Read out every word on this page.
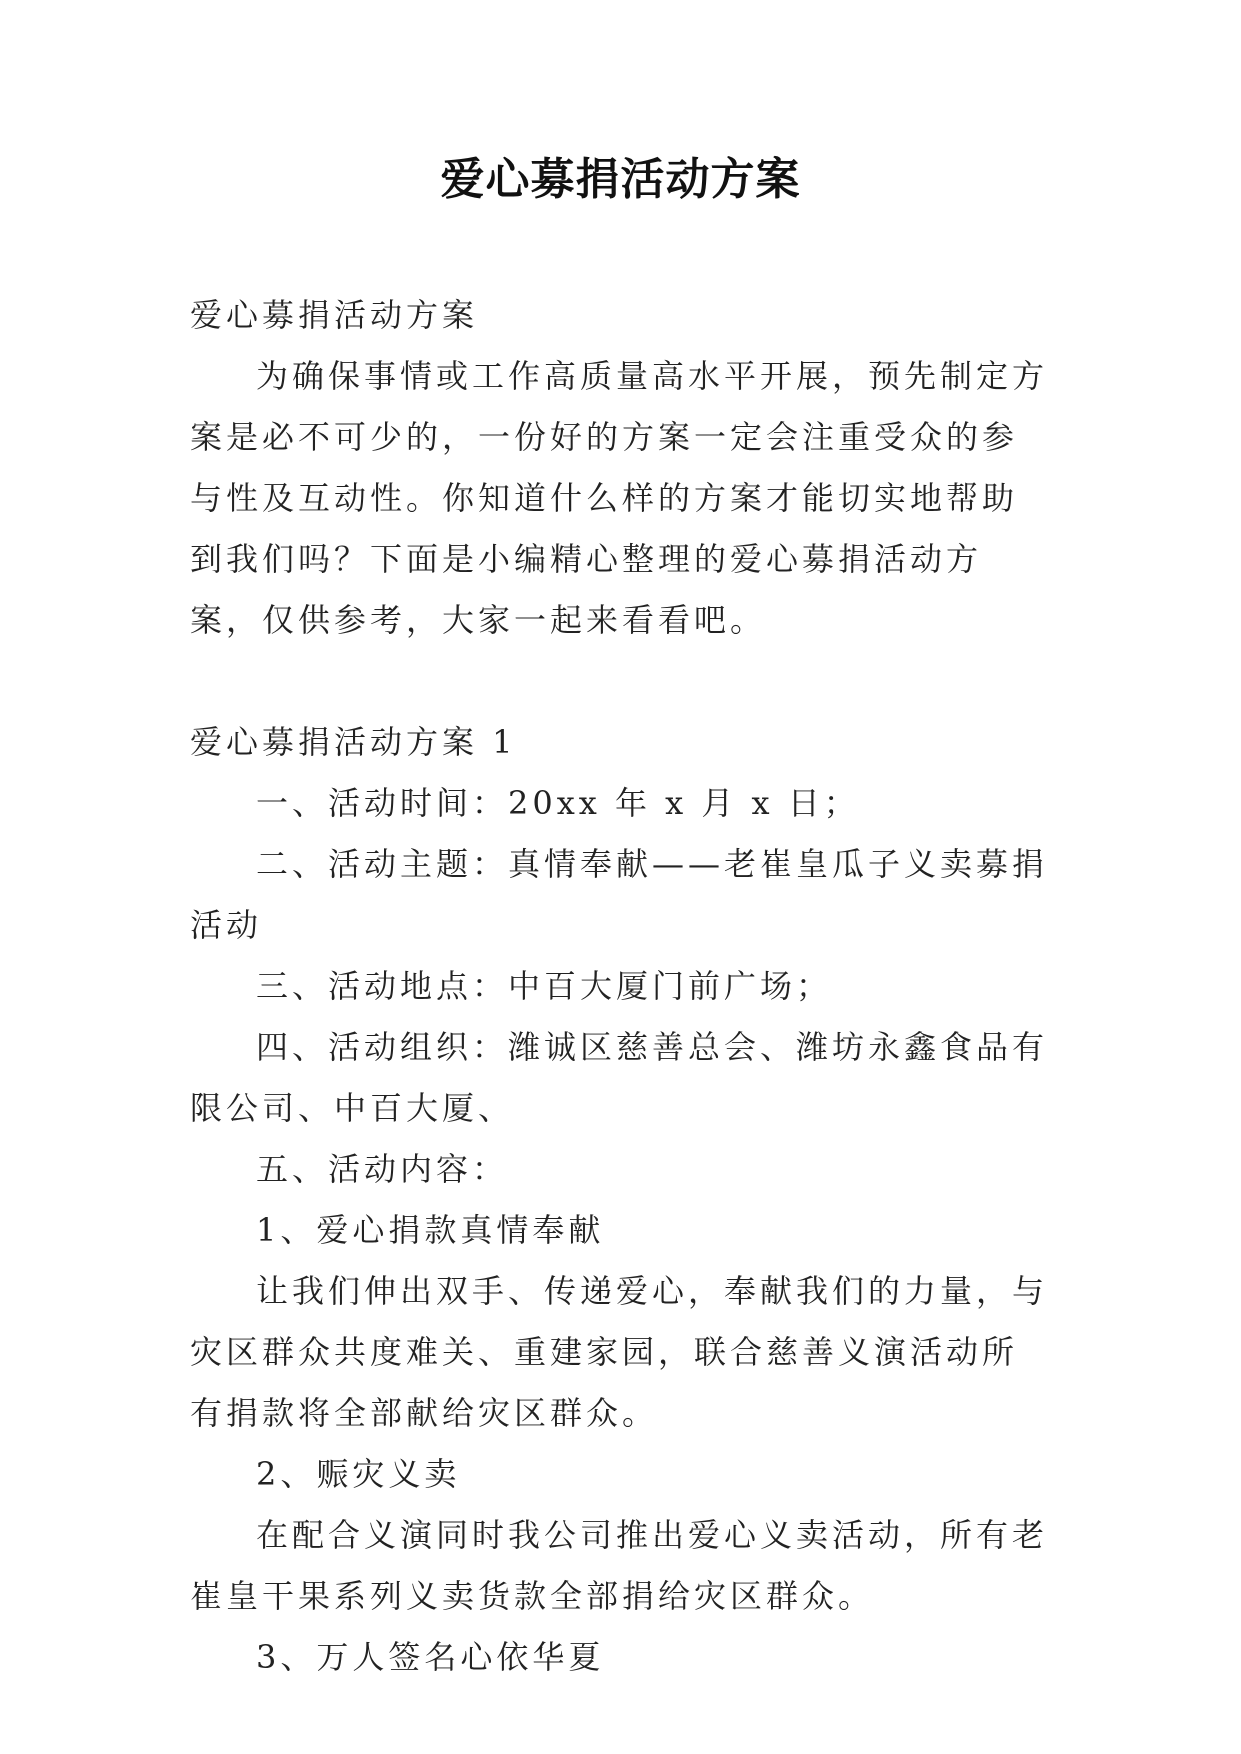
爱心募捐活动方案

爱心募捐活动方案

为确保事情或工作高质量高水平开展，预先制定方案是必不可少的，一份好的方案一定会注重受众的参与性及互动性。你知道什么样的方案才能切实地帮助到我们吗？下面是小编精心整理的爱心募捐活动方案，仅供参考，大家一起来看看吧。

爱心募捐活动方案 1

一、活动时间：20xx 年 x 月 x 日；

二、活动主题：真情奉献——老崔皇瓜子义卖募捐活动

三、活动地点：中百大厦门前广场；

四、活动组织：潍诚区慈善总会、潍坊永鑫食品有限公司、中百大厦、

五、活动内容：

1、爱心捐款真情奉献

让我们伸出双手、传递爱心，奉献我们的力量，与灾区群众共度难关、重建家园，联合慈善义演活动所有捐款将全部献给灾区群众。

2、赈灾义卖

在配合义演同时我公司推出爱心义卖活动，所有老崔皇干果系列义卖货款全部捐给灾区群众。

3、万人签名心依华夏
